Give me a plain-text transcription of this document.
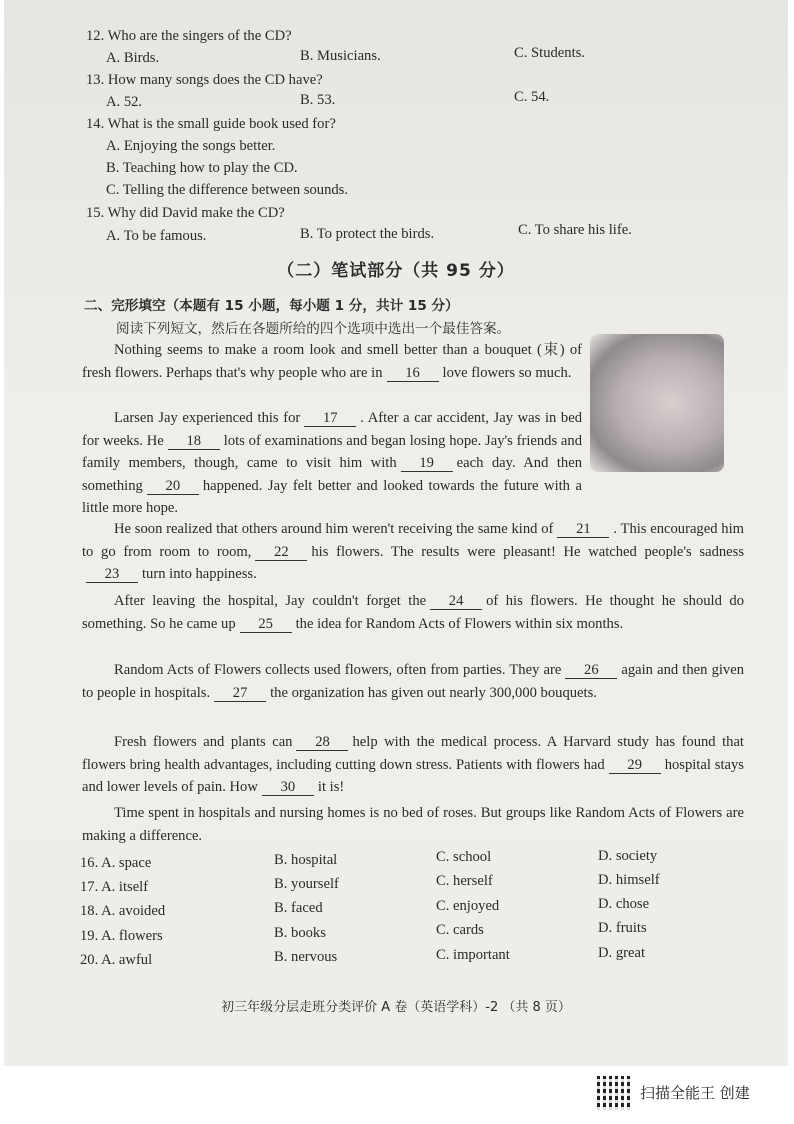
12. Who are the singers of the CD?
A. Birds.	B. Musicians.	C. Students.
13. How many songs does the CD have?
A. 52.	B. 53.	C. 54.
14. What is the small guide book used for?
A. Enjoying the songs better.
B. Teaching how to play the CD.
C. Telling the difference between sounds.
15. Why did David make the CD?
A. To be famous.	B. To protect the birds.	C. To share his life.
（二）笔试部分（共 95 分）
二、完形填空（本题有 15 小题，每小题 1 分，共计 15 分）
阅读下列短文，然后在各题所给的四个选项中选出一个最佳答案。

Nothing seems to make a room look and smell better than a bouquet (束) of fresh flowers. Perhaps that's why people who are in 16 love flowers so much.

Larsen Jay experienced this for 17 . After a car accident, Jay was in bed for weeks. He 18 lots of examinations and began losing hope. Jay's friends and family members, though, came to visit him with 19 each day. And then something 20 happened. Jay felt better and looked towards the future with a little more hope.

He soon realized that others around him weren't receiving the same kind of 21 . This encouraged him to go from room to room, 22 his flowers. The results were pleasant! He watched people's sadness23 turn into happiness.

After leaving the hospital, Jay couldn't forget the 24 of his flowers. He thought he should do something. So he came up 25 the idea for Random Acts of Flowers within six months.

Random Acts of Flowers collects used flowers, often from parties. They are 26 again and then given to people in hospitals. 27 the organization has given out nearly 300,000 bouquets.

Fresh flowers and plants can 28 help with the medical process. A Harvard study has found that flowers bring health advantages, including cutting down stress. Patients with flowers had 29 hospital stays and lower levels of pain. How 30 it is!

Time spent in hospitals and nursing homes is no bed of roses. But groups like Random Acts of Flowers are making a difference.

16. A. space	B. hospital	C. school	D. society
17. A. itself	B. yourself	C. herself	D. himself
18. A. avoided	B. faced	C. enjoyed	D. chose
19. A. flowers	B. books	C. cards	D. fruits
20. A. awful	B. nervous	C. important	D. great
初三年级分层走班分类评价 A 卷（英语学科）-2 （共 8 页）
扫描全能王 创建
